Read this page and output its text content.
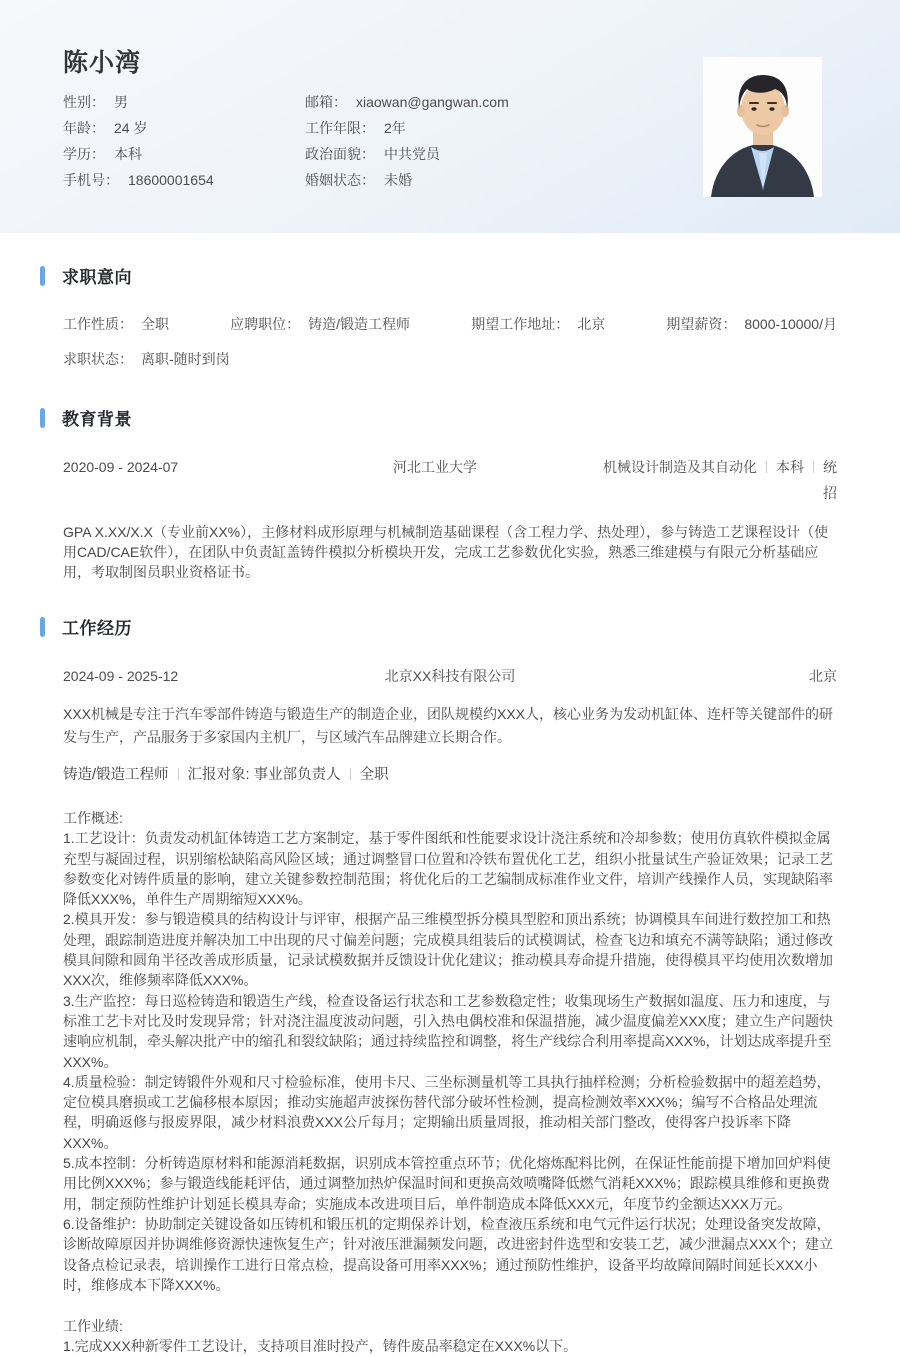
陈小湾
性别： 男	邮箱： xiaowan@gangwan.com
年龄： 24 岁	工作年限： 2年
学历： 本科	政治面貌： 中共党员
手机号： 18600001654	婚姻状态： 未婚
求职意向
工作性质： 全职	应聘职位： 铸造/锻造工程师	期望工作地址： 北京	期望薪资： 8000-10000/月
求职状态： 离职-随时到岗
教育背景
2020-09 - 2024-07	河北工业大学	机械设计制造及其自动化 本科 统招

GPA X.XX/X.X（专业前XX%），主修材料成形原理与机械制造基础课程（含工程力学、热处理），参与铸造工艺课程设计（使用CAD/CAE软件），在团队中负责缸盖铸件模拟分析模块开发，完成工艺参数优化实验，熟悉三维建模与有限元分析基础应用，考取制图员职业资格证书。

工作经历
2024-09 - 2025-12	北京XX科技有限公司	北京

XXX机械是专注于汽车零部件铸造与锻造生产的制造企业，团队规模约XXX人，核心业务为发动机缸体、连杆等关键部件的研发与生产，产品服务于多家国内主机厂，与区域汽车品牌建立长期合作。

铸造/锻造工程师 汇报对象: 事业部负责人 全职

工作概述:

1.工艺设计：负责发动机缸体铸造工艺方案制定，基于零件图纸和性能要求设计浇注系统和冷却参数；使用仿真软件模拟金属充型与凝固过程，识别缩松缺陷高风险区域；通过调整冒口位置和冷铁布置优化工艺，组织小批量试生产验证效果；记录工艺参数变化对铸件质量的影响，建立关键参数控制范围；将优化后的工艺编制成标准作业文件，培训产线操作人员，实现缺陷率降低XXX%，单件生产周期缩短XXX%。

2.模具开发：参与锻造模具的结构设计与评审，根据产品三维模型拆分模具型腔和顶出系统；协调模具车间进行数控加工和热处理，跟踪制造进度并解决加工中出现的尺寸偏差问题；完成模具组装后的试模调试，检查飞边和填充不满等缺陷；通过修改模具间隙和圆角半径改善成形质量，记录试模数据并反馈设计优化建议；推动模具寿命提升措施，使得模具平均使用次数增加XXX次，维修频率降低XXX%。

3.生产监控：每日巡检铸造和锻造生产线，检查设备运行状态和工艺参数稳定性；收集现场生产数据如温度、压力和速度，与标准工艺卡对比及时发现异常；针对浇注温度波动问题，引入热电偶校准和保温措施，减少温度偏差XXX度；建立生产问题快速响应机制，牵头解决批产中的缩孔和裂纹缺陷；通过持续监控和调整，将生产线综合利用率提高XXX%，计划达成率提升至XXX%。

4.质量检验：制定铸锻件外观和尺寸检验标准，使用卡尺、三坐标测量机等工具执行抽样检测；分析检验数据中的超差趋势，定位模具磨损或工艺偏移根本原因；推动实施超声波探伤替代部分破坏性检测，提高检测效率XXX%；编写不合格品处理流程，明确返修与报废界限，减少材料浪费XXX公斤每月；定期输出质量周报，推动相关部门整改，使得客户投诉率下降XXX%。

5.成本控制：分析铸造原材料和能源消耗数据，识别成本管控重点环节；优化熔炼配料比例，在保证性能前提下增加回炉料使用比例XXX%；参与锻造线能耗评估，通过调整加热炉保温时间和更换高效喷嘴降低燃气消耗XXX%；跟踪模具维修和更换费用，制定预防性维护计划延长模具寿命；实施成本改进项目后，单件制造成本降低XXX元，年度节约金额达XXX万元。

6.设备维护：协助制定关键设备如压铸机和锻压机的定期保养计划，检查液压系统和电气元件运行状况；处理设备突发故障，诊断故障原因并协调维修资源快速恢复生产；针对液压泄漏频发问题，改进密封件选型和安装工艺，减少泄漏点XXX个；建立设备点检记录表，培训操作工进行日常点检，提高设备可用率XXX%；通过预防性维护，设备平均故障间隔时间延长XXX小时，维修成本下降XXX%。

工作业绩:

1.完成XXX种新零件工艺设计，支持项目准时投产，铸件废品率稳定在XXX%以下。
